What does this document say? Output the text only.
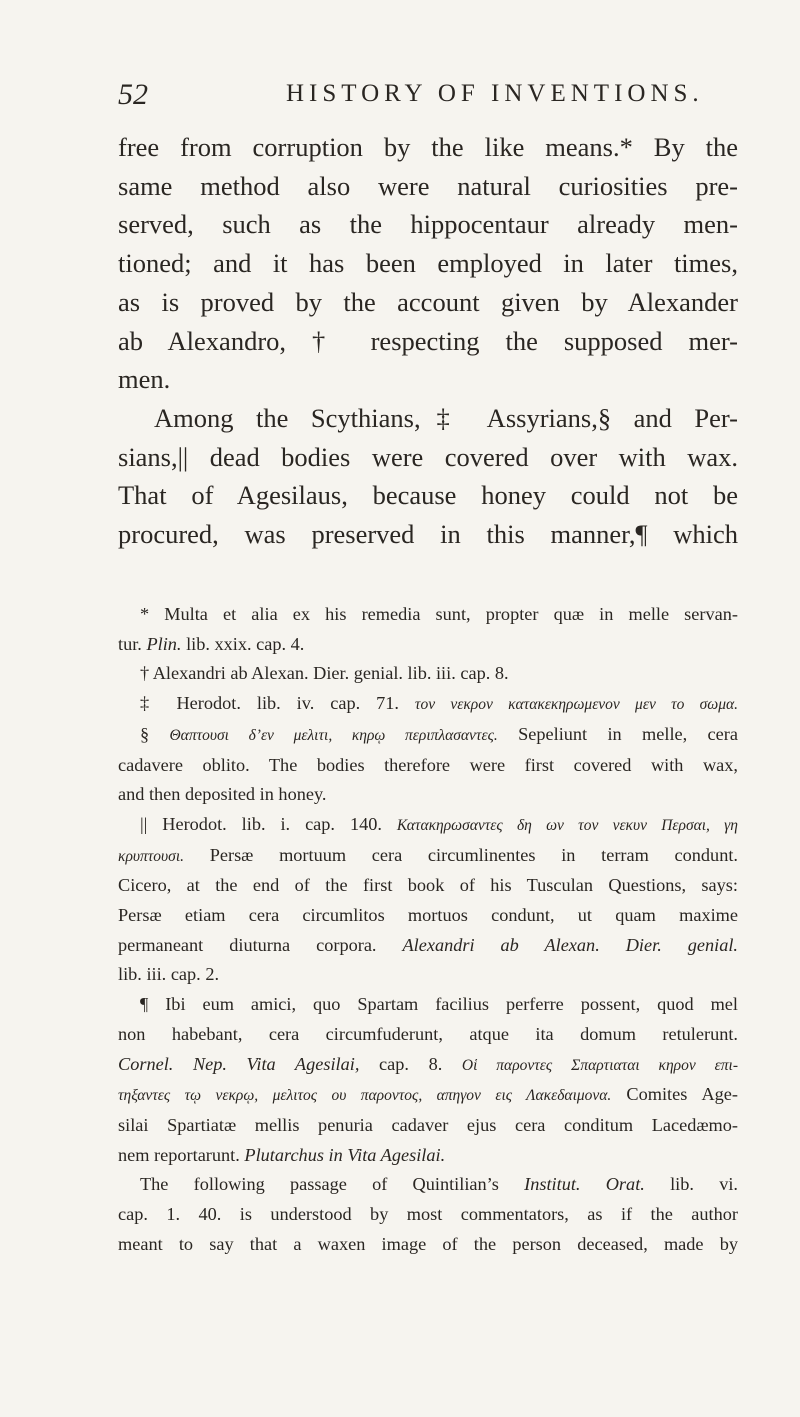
52	HISTORY OF INVENTIONS.
free from corruption by the like means.* By the
same method also were natural curiosities pre-
served, such as the hippocentaur already men-
tioned; and it has been employed in later times,
as is proved by the account given by Alexander
ab Alexandro, † respecting the supposed mer-
men.
Among the Scythians,‡ Assyrians,§ and Per-
sians,|| dead bodies were covered over with wax.
That of Agesilaus, because honey could not be
procured, was preserved in this manner,¶ which
* Multa et alia ex his remedia sunt, propter quæ in melle servan-
tur. Plin. lib. xxix. cap. 4.
† Alexandri ab Alexan. Dier. genial. lib. iii. cap. 8.
‡ Herodot. lib. iv. cap. 71. τον νεκρον κατακεκηρωμενον μεν το σωμα.
§ Θαπτουσι δ’εν μελιτι, κηρῳ περιπλασαντες. Sepeliunt in melle, cera
cadavere oblito. The bodies therefore were first covered with wax,
and then deposited in honey.
|| Herodot. lib. i. cap. 140. Κατακηρωσαντες δη ων τον νεκυν Περσαι, γη
κρυπτουσι. Persæ mortuum cera circumlinentes in terram condunt.
Cicero, at the end of the first book of his Tusculan Questions, says:
Persæ etiam cera circumlitos mortuos condunt, ut quam maxime
permaneant diuturna corpora. Alexandri ab Alexan. Dier. genial.
lib. iii. cap. 2.
¶ Ibi eum amici, quo Spartam facilius perferre possent, quod mel
non habebant, cera circumfuderunt, atque ita domum retulerunt.
Cornel. Nep. Vita Agesilai, cap. 8. Οἱ παροντες Σπαρτιαται κηρον επι-
τηξαντες τῳ νεκρῳ, μελιτος ου παροντος, απηγον εις Λακεδαιμονα. Comites Age-
silai Spartiatæ mellis penuria cadaver ejus cera conditum Lacedæmo-
nem reportarunt. Plutarchus in Vita Agesilai.
The following passage of Quintilian’s Institut. Orat. lib. vi.
cap. 1. 40. is understood by most commentators, as if the author
meant to say that a waxen image of the person deceased, made by
